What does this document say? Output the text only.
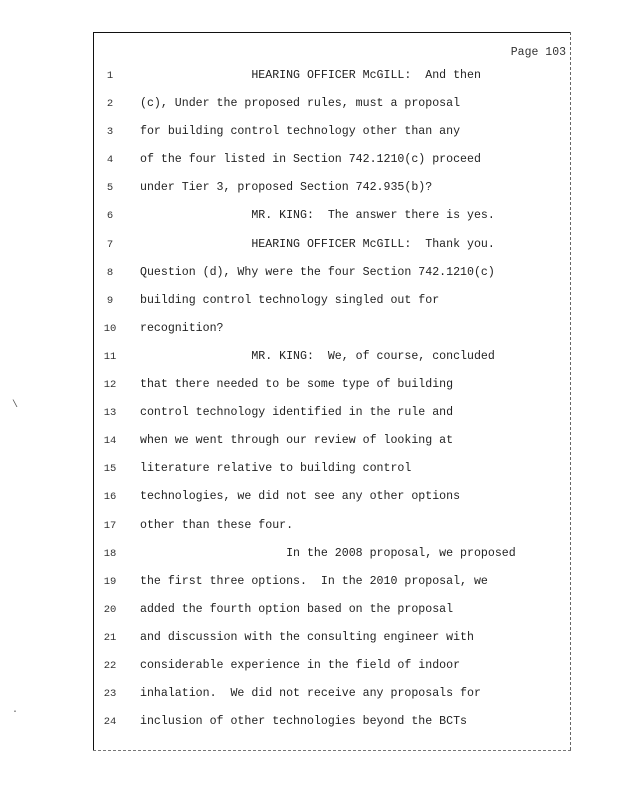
Page 103
\
.
1	HEARING OFFICER McGILL:  And then
2	(c), Under the proposed rules, must a proposal
3	for building control technology other than any
4	of the four listed in Section 742.1210(c) proceed
5	under Tier 3, proposed Section 742.935(b)?
6	MR. KING:  The answer there is yes.
7	HEARING OFFICER McGILL:  Thank you.
8	Question (d), Why were the four Section 742.1210(c)
9	building control technology singled out for
10	recognition?
11	MR. KING:  We, of course, concluded
12	that there needed to be some type of building
13	control technology identified in the rule and
14	when we went through our review of looking at
15	literature relative to building control
16	technologies, we did not see any other options
17	other than these four.
18	In the 2008 proposal, we proposed
19	the first three options.  In the 2010 proposal, we
20	added the fourth option based on the proposal
21	and discussion with the consulting engineer with
22	considerable experience in the field of indoor
23	inhalation.  We did not receive any proposals for
24	inclusion of other technologies beyond the BCTs
